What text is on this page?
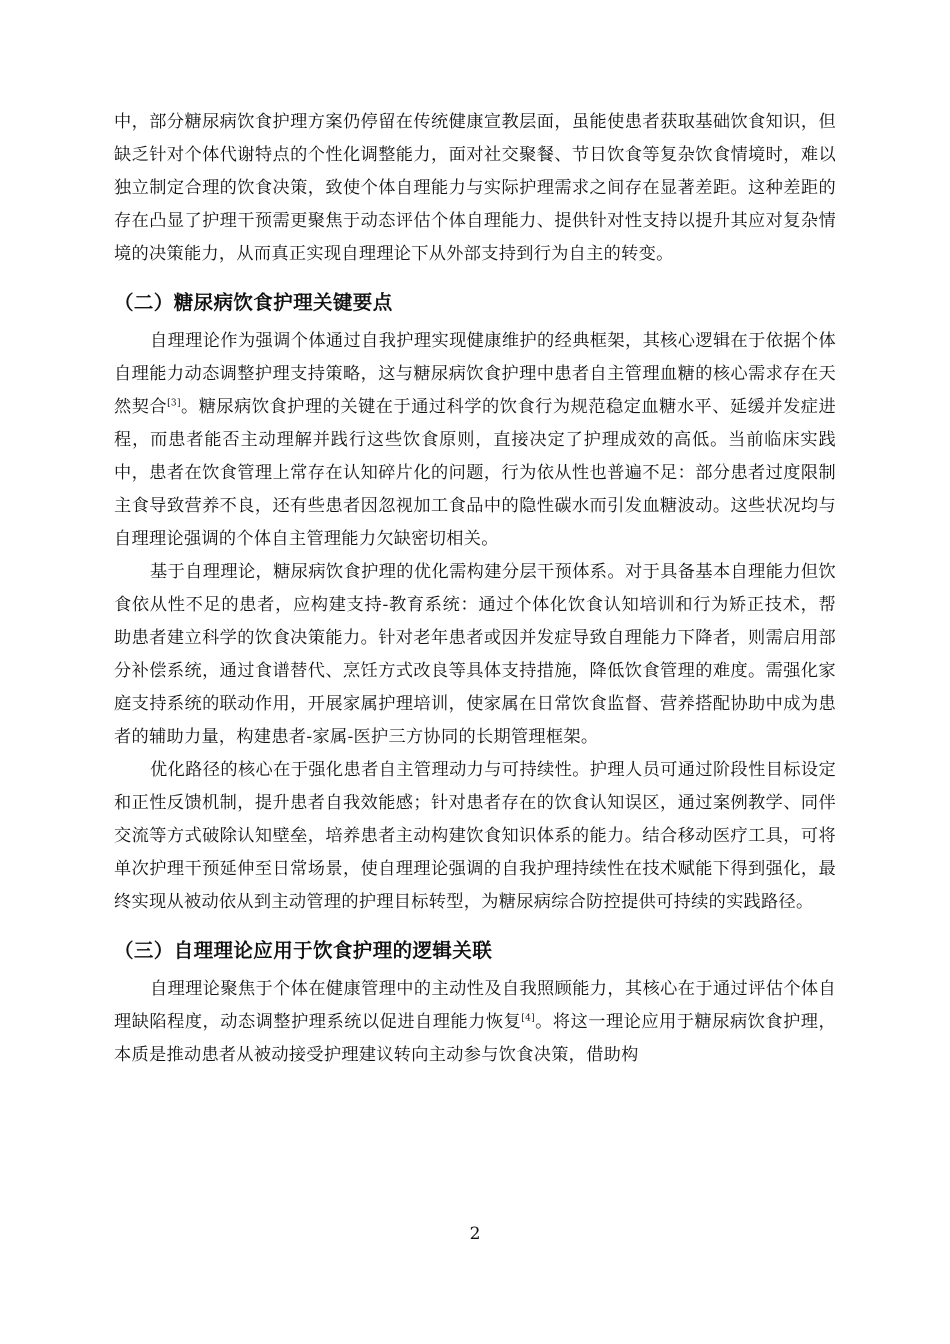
中，部分糖尿病饮食护理方案仍停留在传统健康宣教层面，虽能使患者获取基础饮食知识，但缺乏针对个体代谢特点的个性化调整能力，面对社交聚餐、节日饮食等复杂饮食情境时，难以独立制定合理的饮食决策，致使个体自理能力与实际护理需求之间存在显著差距。这种差距的存在凸显了护理干预需更聚焦于动态评估个体自理能力、提供针对性支持以提升其应对复杂情境的决策能力，从而真正实现自理理论下从外部支持到行为自主的转变。

（二）糖尿病饮食护理关键要点

自理理论作为强调个体通过自我护理实现健康维护的经典框架，其核心逻辑在于依据个体自理能力动态调整护理支持策略，这与糖尿病饮食护理中患者自主管理血糖的核心需求存在天然契合[3]。糖尿病饮食护理的关键在于通过科学的饮食行为规范稳定血糖水平、延缓并发症进程，而患者能否主动理解并践行这些饮食原则，直接决定了护理成效的高低。当前临床实践中，患者在饮食管理上常存在认知碎片化的问题，行为依从性也普遍不足：部分患者过度限制主食导致营养不良，还有些患者因忽视加工食品中的隐性碳水而引发血糖波动。这些状况均与自理理论强调的个体自主管理能力欠缺密切相关。

基于自理理论，糖尿病饮食护理的优化需构建分层干预体系。对于具备基本自理能力但饮食依从性不足的患者，应构建支持-教育系统：通过个体化饮食认知培训和行为矫正技术，帮助患者建立科学的饮食决策能力。针对老年患者或因并发症导致自理能力下降者，则需启用部分补偿系统，通过食谱替代、烹饪方式改良等具体支持措施，降低饮食管理的难度。需强化家庭支持系统的联动作用，开展家属护理培训，使家属在日常饮食监督、营养搭配协助中成为患者的辅助力量，构建患者-家属-医护三方协同的长期管理框架。

优化路径的核心在于强化患者自主管理动力与可持续性。护理人员可通过阶段性目标设定和正性反馈机制，提升患者自我效能感；针对患者存在的饮食认知误区，通过案例教学、同伴交流等方式破除认知壁垒，培养患者主动构建饮食知识体系的能力。结合移动医疗工具，可将单次护理干预延伸至日常场景，使自理理论强调的自我护理持续性在技术赋能下得到强化，最终实现从被动依从到主动管理的护理目标转型，为糖尿病综合防控提供可持续的实践路径。

（三）自理理论应用于饮食护理的逻辑关联

自理理论聚焦于个体在健康管理中的主动性及自我照顾能力，其核心在于通过评估个体自理缺陷程度，动态调整护理系统以促进自理能力恢复[4]。将这一理论应用于糖尿病饮食护理，本质是推动患者从被动接受护理建议转向主动参与饮食决策，借助构

2
